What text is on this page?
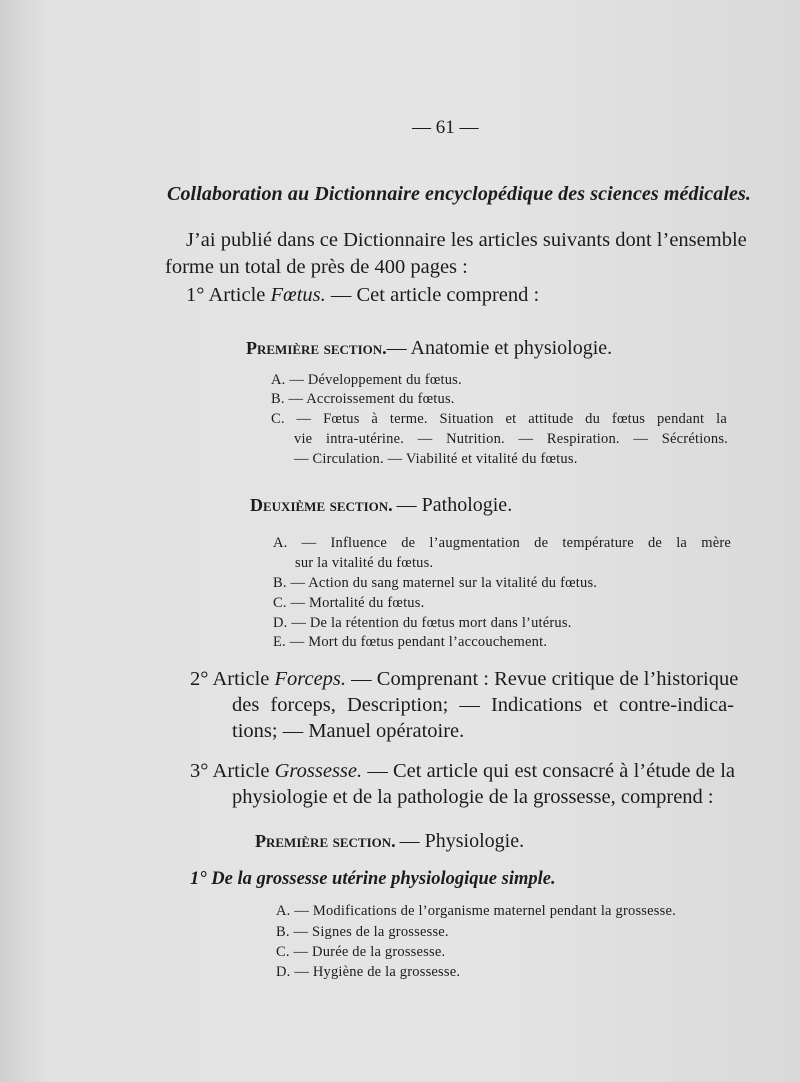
— 61 —
Collaboration au Dictionnaire encyclopédique des sciences médicales.
J’ai publié dans ce Dictionnaire les articles suivants dont l’ensemble
forme un total de près de 400 pages :
1° Article Fœtus. — Cet article comprend :
Première section.— Anatomie et physiologie.
A. — Développement du fœtus.
B. — Accroissement du fœtus.
C. — Fœtus à terme. Situation et attitude du fœtus pendant la
vie intra-utérine. — Nutrition. — Respiration. — Sécrétions.
— Circulation. — Viabilité et vitalité du fœtus.
Deuxième section. — Pathologie.
A. — Influence de l’augmentation de température de la mère
sur la vitalité du fœtus.
B. — Action du sang maternel sur la vitalité du fœtus.
C. — Mortalité du fœtus.
D. — De la rétention du fœtus mort dans l’utérus.
E. — Mort du fœtus pendant l’accouchement.
2° Article Forceps. — Comprenant : Revue critique de l’historique
des forceps, Description; — Indications et contre-indica-
tions; — Manuel opératoire.
3° Article Grossesse. — Cet article qui est consacré à l’étude de la
physiologie et de la pathologie de la grossesse, comprend :
Première section. — Physiologie.
1° De la grossesse utérine physiologique simple.
A. — Modifications de l’organisme maternel pendant la grossesse.
B. — Signes de la grossesse.
C. — Durée de la grossesse.
D. — Hygiène de la grossesse.
